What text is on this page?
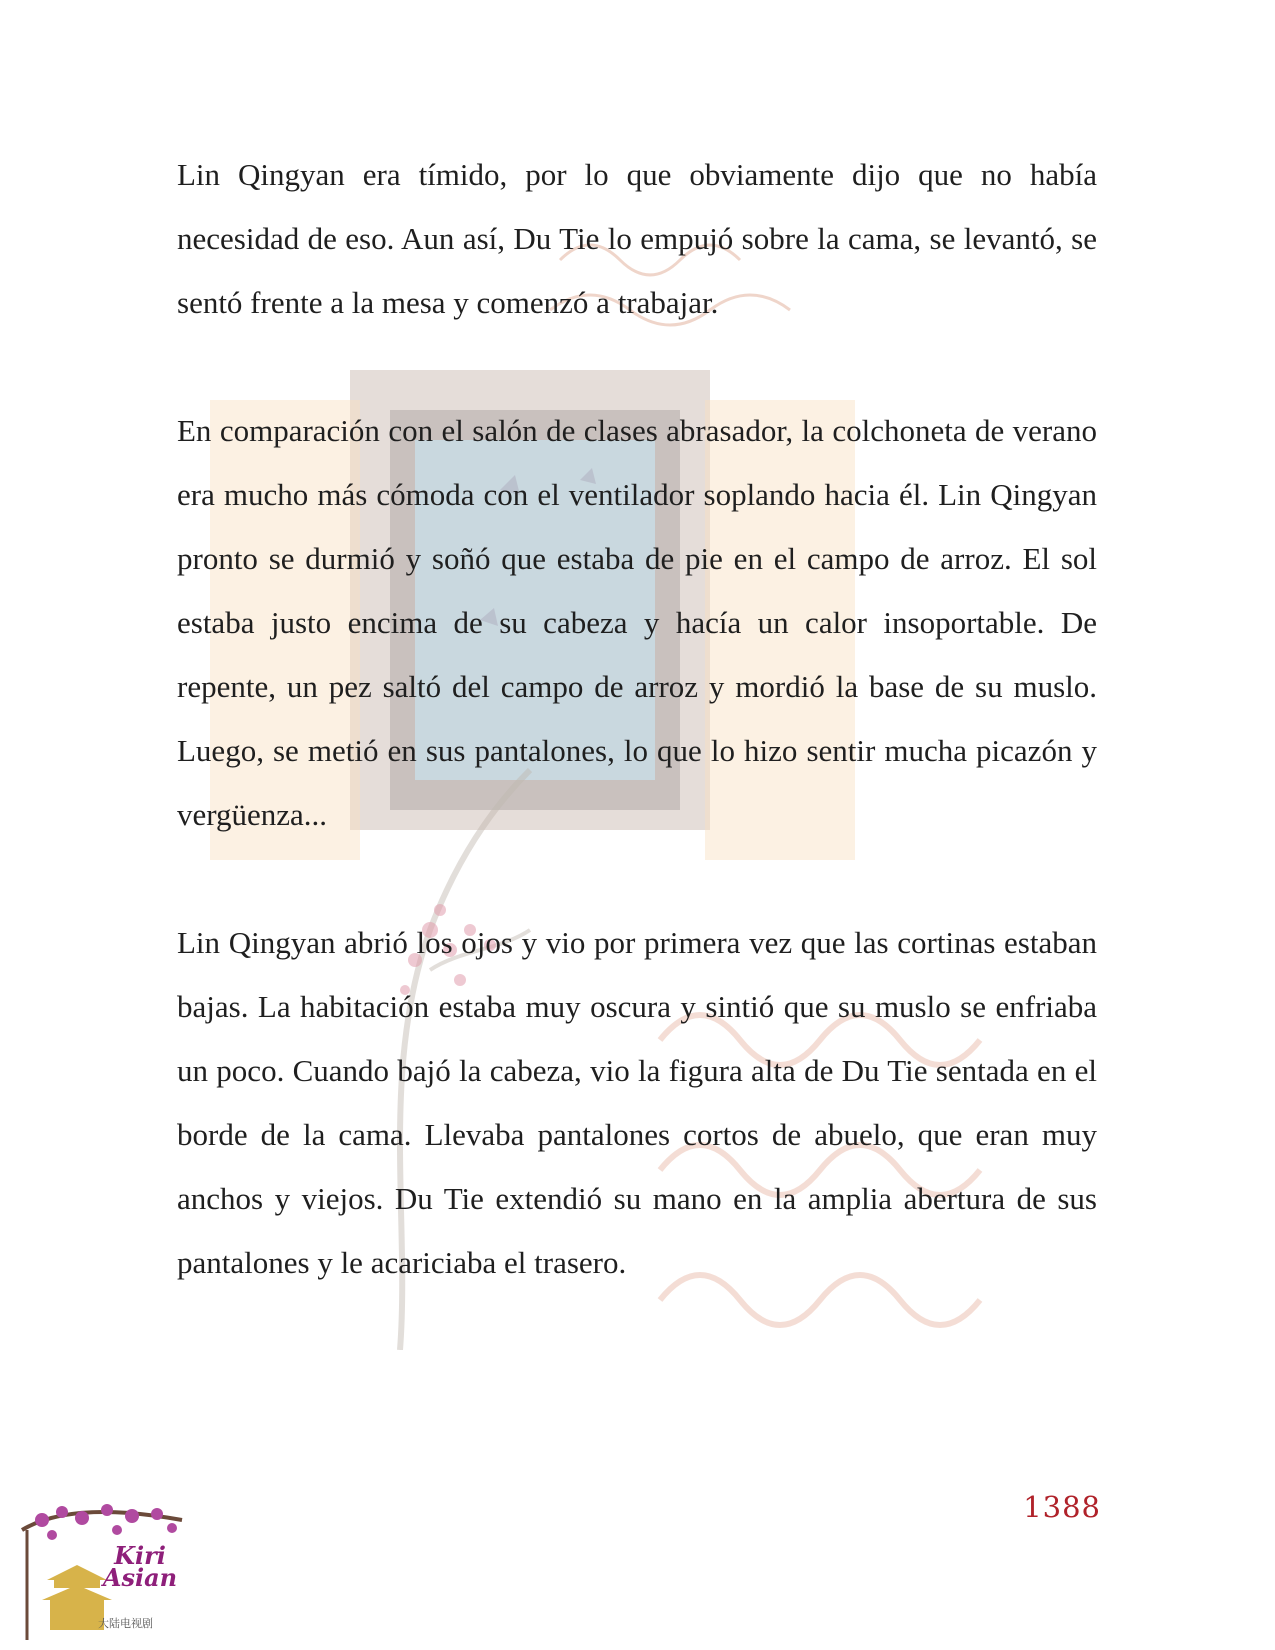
Lin Qingyan era tímido, por lo que obviamente dijo que no había necesidad de eso. Aun así, Du Tie lo empujó sobre la cama, se levantó, se sentó frente a la mesa y comenzó a trabajar.

En comparación con el salón de clases abrasador, la colchoneta de verano era mucho más cómoda con el ventilador soplando hacia él. Lin Qingyan pronto se durmió y soñó que estaba de pie en el campo de arroz. El sol estaba justo encima de su cabeza y hacía un calor insoportable. De repente, un pez saltó del campo de arroz y mordió la base de su muslo. Luego, se metió en sus pantalones, lo que lo hizo sentir mucha picazón y vergüenza...

Lin Qingyan abrió los ojos y vio por primera vez que las cortinas estaban bajas. La habitación estaba muy oscura y sintió que su muslo se enfriaba un poco. Cuando bajó la cabeza, vio la figura alta de Du Tie sentada en el borde de la cama. Llevaba pantalones cortos de abuelo, que eran muy anchos y viejos. Du Tie extendió su mano en la amplia abertura de sus pantalones y le acariciaba el trasero.

1388
Kiri
Asian
大陆电视剧
